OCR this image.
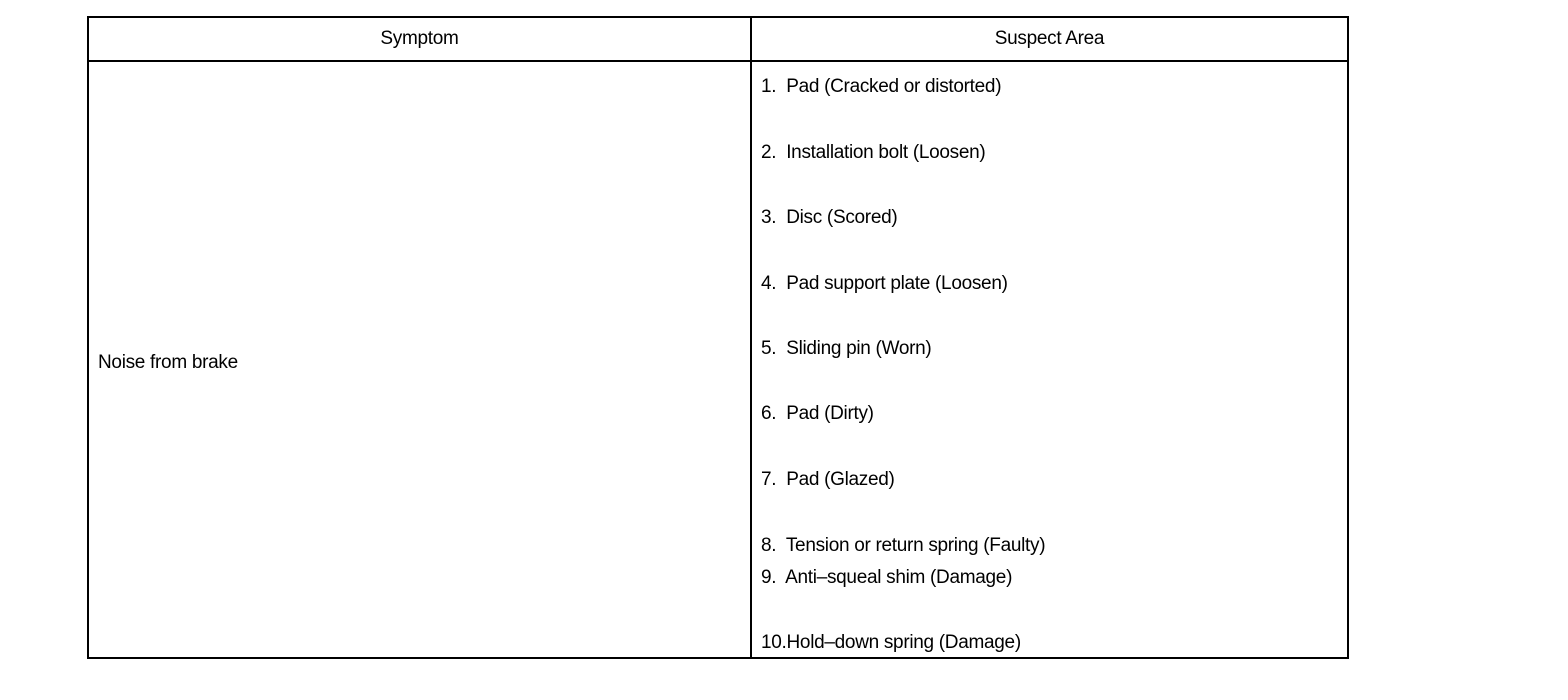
Symptom	Suspect Area
Noise from brake
1.  Pad (Cracked or distorted)
2.  Installation bolt (Loosen)
3.  Disc (Scored)
4.  Pad support plate (Loosen)
5.  Sliding pin (Worn)
6.  Pad (Dirty)
7.  Pad (Glazed)
8.  Tension or return spring (Faulty)
9.  Anti–squeal shim (Damage)
10.Hold–down spring (Damage)
